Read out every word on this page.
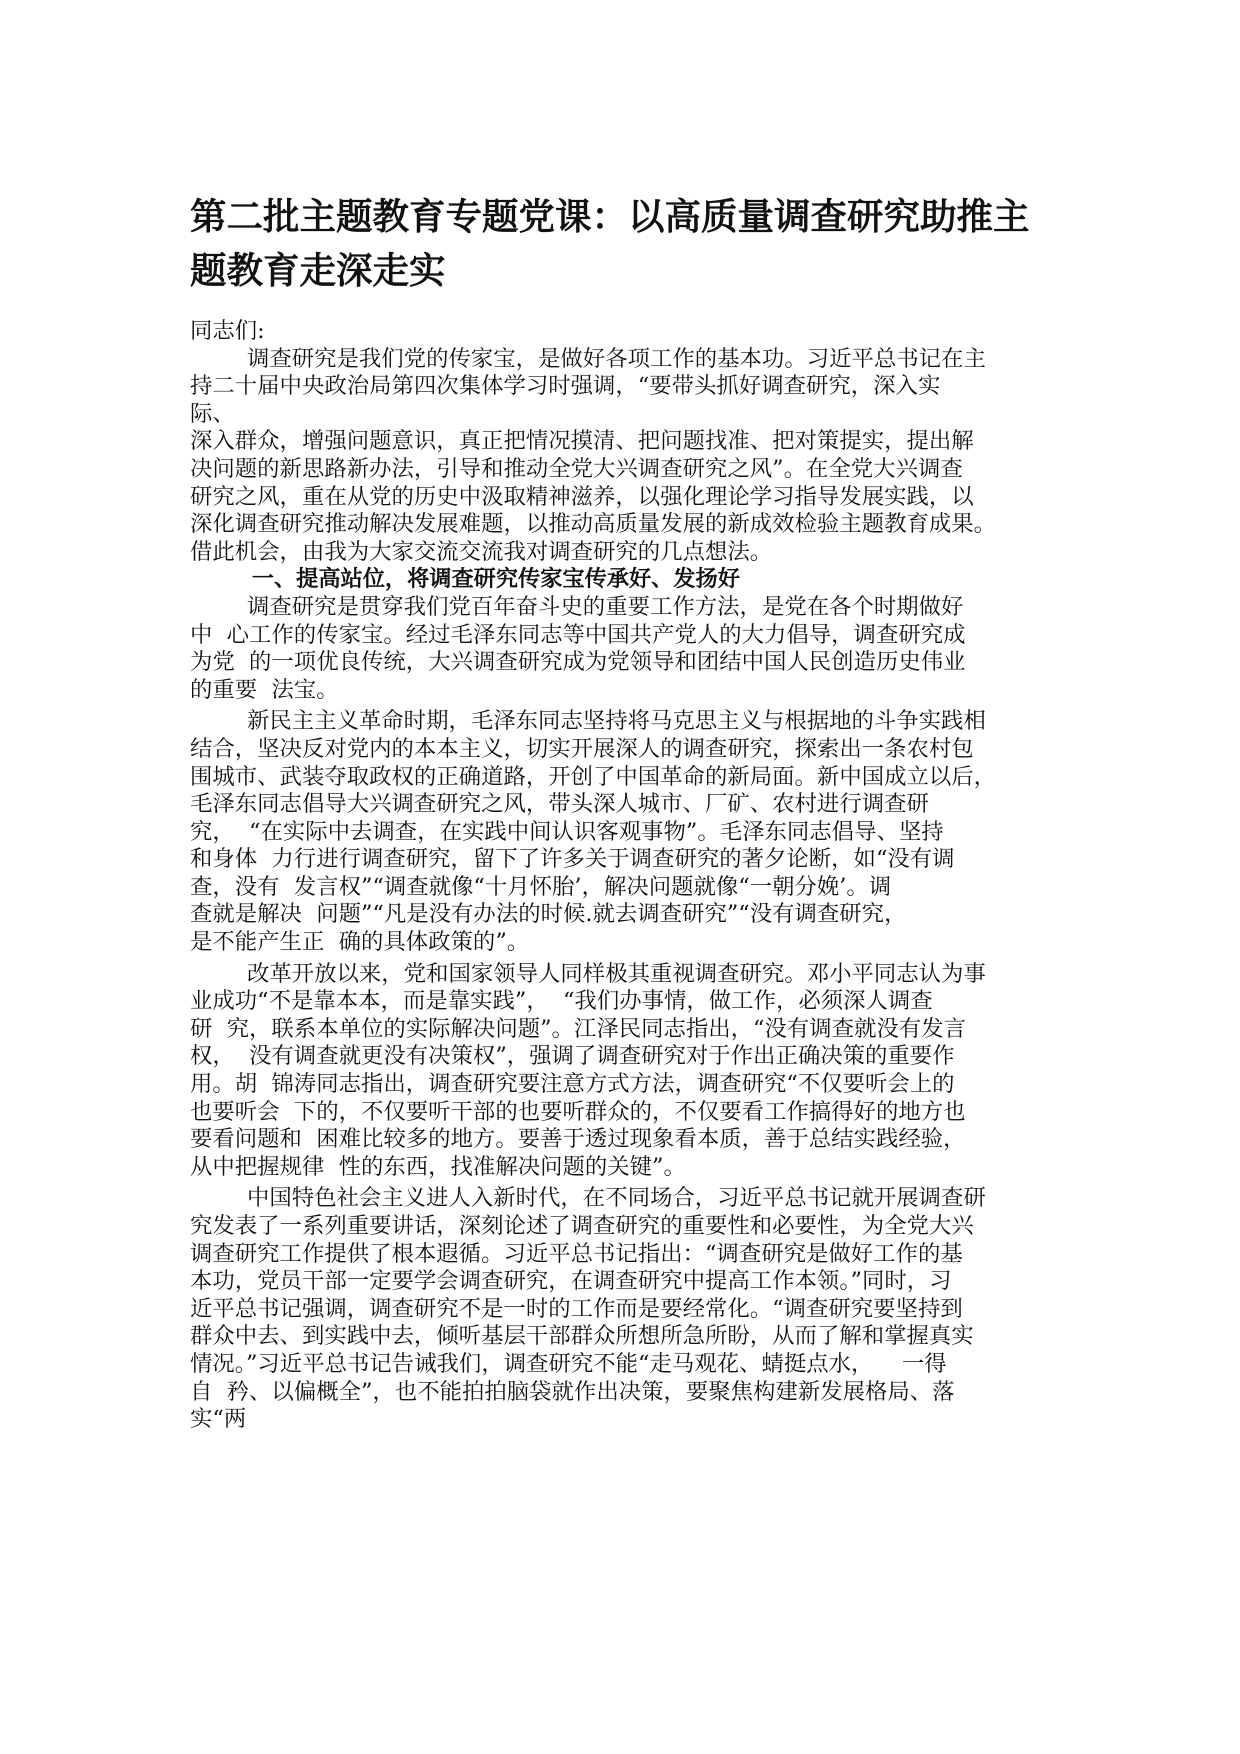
第二批主题教育专题党课：以高质量调查研究助推主
题教育走深走实
同志们:
调查研究是我们党的传家宝，是做好各项工作的基本功。习近平总书记在主
持二十届中央政治局第四次集体学习时强调，“要带头抓好调查研究，深入实
际、
深入群众，增强问题意识，真正把情况摸清、把问题找准、把对策提实，提出解
决问题的新思路新办法，引导和推动全党大兴调查研究之风”。在全党大兴调查
研究之风，重在从党的历史中汲取精神滋养，以强化理论学习指导发展实践，以
深化调查研究推动解决发展难题，以推动高质量发展的新成效检验主题教育成果。
借此机会，由我为大家交流交流我对调查研究的几点想法。
一、提高站位，将调查研究传家宝传承好、发扬好
调查研究是贯穿我们党百年奋斗史的重要工作方法，是党在各个时期做好
中  心工作的传家宝。经过毛泽东同志等中国共产党人的大力倡导，调查研究成
为党  的一项优良传统，大兴调查研究成为党领导和团结中国人民创造历史伟业
的重要  法宝。
新民主主义革命时期，毛泽东同志坚持将马克思主义与根据地的斗争实践相
结合，坚决反对党内的本本主义，切实开展深人的调查研究，探索出一条农村包
围城市、武装夺取政权的正确道路，开创了中国革命的新局面。新中国成立以后，
毛泽东同志倡导大兴调查研究之风，带头深人城市、厂矿、农村进行调查研
究，  “在实际中去调查，在实践中间认识客观事物”。毛泽东同志倡导、坚持
和身体  力行进行调查研究，留下了许多关于调查研究的著夕论断，如“没有调
查，没有  发言权”“调查就像“十月怀胎’，解决问题就像“一朝分娩’。调
查就是解决  问题”“凡是没有办法的时候.就去调查研究”“没有调查研究，
是不能产生正  确的具体政策的”。
改革开放以来，党和国家领导人同样极其重视调查研究。邓小平同志认为事
业成功“不是靠本本，而是靠实践”，  “我们办事情，做工作，必须深人调查
研  究，联系本单位的实际解决问题”。江泽民同志指出，“没有调查就没有发言
权，  没有调查就更没有决策权”，强调了调查研究对于作出正确决策的重要作
用。胡  锦涛同志指出，调查研究要注意方式方法，调查研究“不仅要听会上的
也要听会  下的，不仅要听干部的也要听群众的，不仅要看工作搞得好的地方也
要看问题和  困难比较多的地方。要善于透过现象看本质，善于总结实践经验，
从中把握规律  性的东西，找准解决问题的关键”。
中国特色社会主义进人入新时代，在不同场合，习近平总书记就开展调查研
究发表了一系列重要讲话，深刻论述了调查研究的重要性和必要性，为全党大兴
调查研究工作提供了根本遐循。习近平总书记指出：“调查研究是做好工作的基
本功，党员干部一定要学会调查研究，在调查研究中提高工作本领。”同时，习
近平总书记强调，调查研究不是一时的工作而是要经常化。“调查研究要坚持到
群众中去、到实践中去，倾听基层干部群众所想所急所盼，从而了解和掌握真实
情况。”习近平总书记告诫我们，调查研究不能“走马观花、蜻挺点水，    一得
自  矜、以偏概全”，也不能拍拍脑袋就作出决策，要聚焦构建新发展格局、落
实“两
